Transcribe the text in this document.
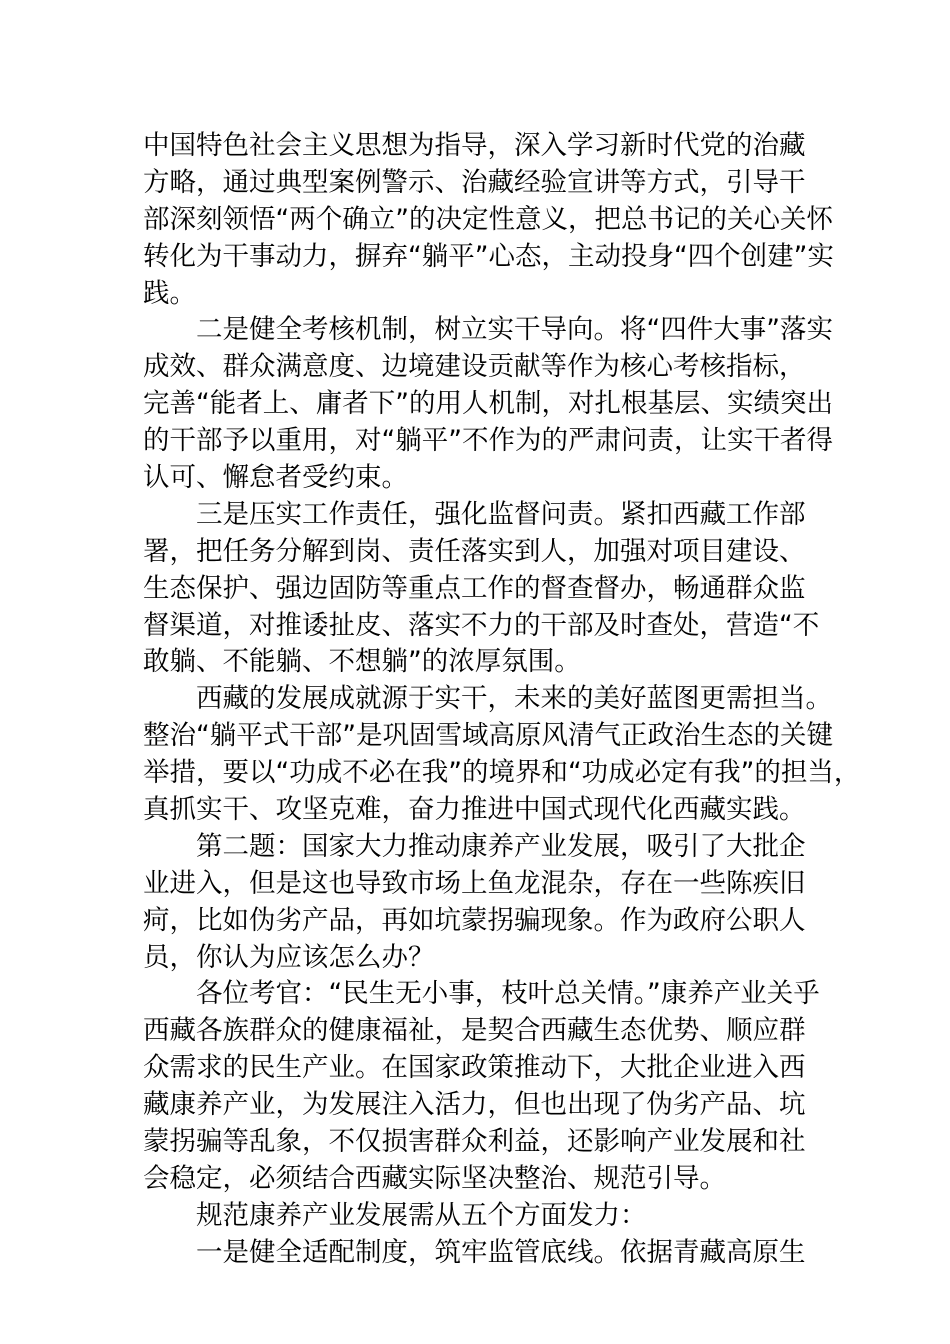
中国特色社会主义思想为指导，深入学习新时代党的治藏
方略，通过典型案例警示、治藏经验宣讲等方式，引导干
部深刻领悟“两个确立”的决定性意义，把总书记的关心关怀
转化为干事动力，摒弃“躺平”心态，主动投身“四个创建”实
践。
二是健全考核机制，树立实干导向。将“四件大事”落实
成效、群众满意度、边境建设贡献等作为核心考核指标，
完善“能者上、庸者下”的用人机制，对扎根基层、实绩突出
的干部予以重用，对“躺平”不作为的严肃问责，让实干者得
认可、懈怠者受约束。
三是压实工作责任，强化监督问责。紧扣西藏工作部
署，把任务分解到岗、责任落实到人，加强对项目建设、
生态保护、强边固防等重点工作的督查督办，畅通群众监
督渠道，对推诿扯皮、落实不力的干部及时查处，营造“不
敢躺、不能躺、不想躺”的浓厚氛围。
西藏的发展成就源于实干，未来的美好蓝图更需担当。
整治“躺平式干部”是巩固雪域高原风清气正政治生态的关键
举措，要以“功成不必在我”的境界和“功成必定有我”的担当，
真抓实干、攻坚克难，奋力推进中国式现代化西藏实践。
第二题：国家大力推动康养产业发展，吸引了大批企
业进入，但是这也导致市场上鱼龙混杂，存在一些陈疾旧
疴，比如伪劣产品，再如坑蒙拐骗现象。作为政府公职人
员，你认为应该怎么办？
各位考官：“民生无小事，枝叶总关情。”康养产业关乎
西藏各族群众的健康福祉，是契合西藏生态优势、顺应群
众需求的民生产业。在国家政策推动下，大批企业进入西
藏康养产业，为发展注入活力，但也出现了伪劣产品、坑
蒙拐骗等乱象，不仅损害群众利益，还影响产业发展和社
会稳定，必须结合西藏实际坚决整治、规范引导。
规范康养产业发展需从五个方面发力：
一是健全适配制度，筑牢监管底线。依据青藏高原生
